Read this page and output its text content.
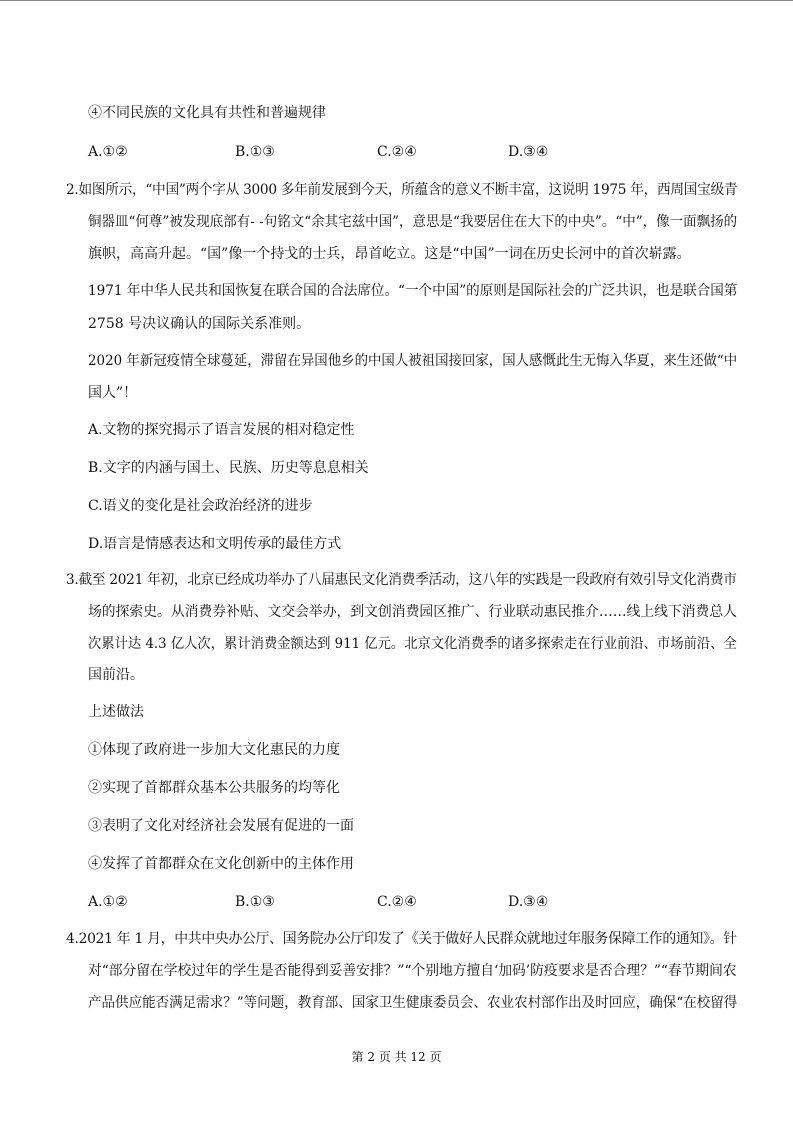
④不同民族的文化具有共性和普遍规律
A.①②	B.①③	C.②④	D.③④
2.如图所示，“中国”两个字从 3000 多年前发展到今天，所蕴含的意义不断丰富，这说明 1975 年，西周国宝级青
铜器皿“何尊”被发现底部有- -句铭文“余其宅兹中国”，意思是“我要居住在大下的中央”。“中”，像一面飘扬的
旗帜，高高升起。“国”像一个持戈的士兵，昂首屹立。这是“中国”一词在历史长河中的首次崭露。
1971 年中华人民共和国恢复在联合国的合法席位。“一个中国”的原则是国际社会的广泛共识，也是联合国第
2758 号决议确认的国际关系准则。
2020 年新冠疫情全球蔓延，滞留在异国他乡的中国人被祖国接回家，国人感慨此生无悔入华夏，来生还做“中
国人”！
A.文物的探究揭示了语言发展的相对稳定性
B.文字的内涵与国土、民族、历史等息息相关
C.语义的变化是社会政治经济的进步
D.语言是情感表达和文明传承的最佳方式
3.截至 2021 年初，北京已经成功举办了八届惠民文化消费季活动，这八年的实践是一段政府有效引导文化消费市
场的探索史。从消费券补贴、文交会举办，到文创消费园区推广、行业联动惠民推介……线上线下消费总人
次累计达 4.3 亿人次，累计消费金额达到 911 亿元。北京文化消费季的诸多探索走在行业前沿、市场前沿、全
国前沿。
上述做法
①体现了政府进一步加大文化惠民的力度
②实现了首都群众基本公共服务的均等化
③表明了文化对经济社会发展有促进的一面
④发挥了首都群众在文化创新中的主体作用
A.①②	B.①③	C.②④	D.③④
4.2021 年 1 月，中共中央办公厅、国务院办公厅印发了《关于做好人民群众就地过年服务保障工作的通知》。针
对“部分留在学校过年的学生是否能得到妥善安排？”“个别地方擅自‘加码’防疫要求是否合理？”“春节期间农
产品供应能否满足需求？”等问题，教育部、国家卫生健康委员会、农业农村部作出及时回应，确保“在校留得
第 2 页 共 12 页
